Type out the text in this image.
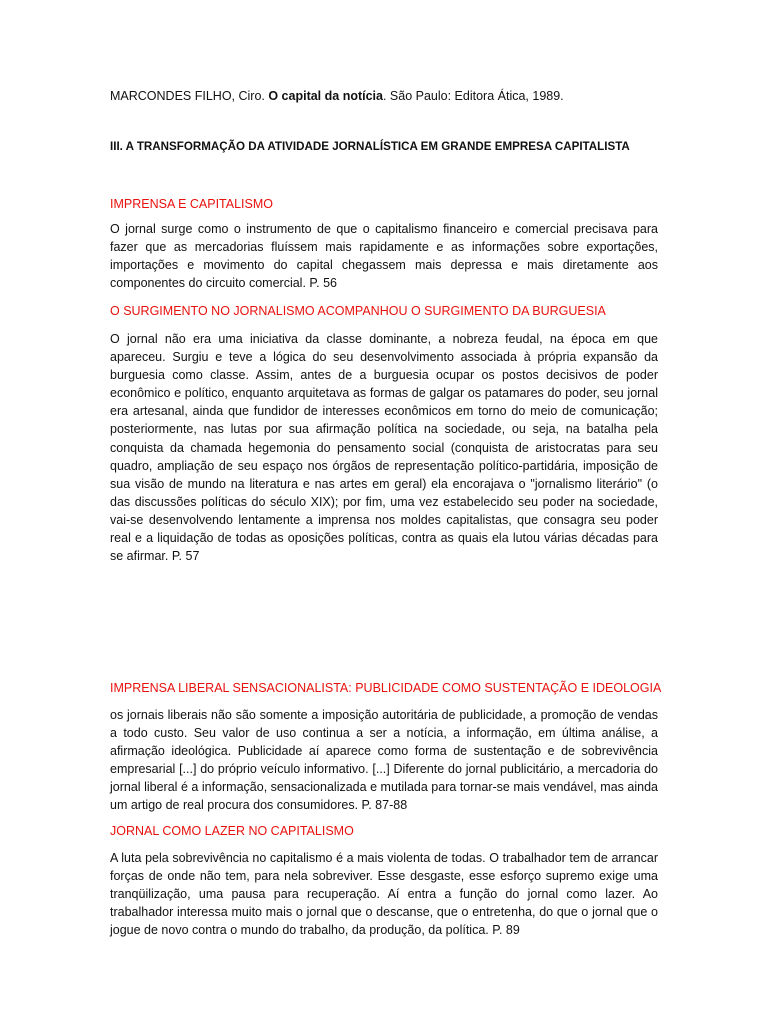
MARCONDES FILHO, Ciro. O capital da notícia. São Paulo: Editora Ática, 1989.
III. A TRANSFORMAÇÃO DA ATIVIDADE JORNALÍSTICA EM GRANDE EMPRESA CAPITALISTA
IMPRENSA E CAPITALISMO

O jornal surge como o instrumento de que o capitalismo financeiro e comercial precisava para fazer que as mercadorias fluíssem mais rapidamente e as informações sobre exportações, importações e movimento do capital chegassem mais depressa e mais diretamente aos componentes do circuito comercial. P. 56

O SURGIMENTO NO JORNALISMO ACOMPANHOU O SURGIMENTO DA BURGUESIA

O jornal não era uma iniciativa da classe dominante, a nobreza feudal, na época em que apareceu. Surgiu e teve a lógica do seu desenvolvimento associada à própria expansão da burguesia como classe. Assim, antes de a burguesia ocupar os postos decisivos de poder econômico e político, enquanto arquitetava as formas de galgar os patamares do poder, seu jornal era artesanal, ainda que fundidor de interesses econômicos em torno do meio de comunicação; posteriormente, nas lutas por sua afirmação política na sociedade, ou seja, na batalha pela conquista da chamada hegemonia do pensamento social (conquista de aristocratas para seu quadro, ampliação de seu espaço nos órgãos de representação político-partidária, imposição de sua visão de mundo na literatura e nas artes em geral) ela encorajava o "jornalismo literário" (o das discussões políticas do século XIX); por fim, uma vez estabelecido seu poder na sociedade, vai-se desenvolvendo lentamente a imprensa nos moldes capitalistas, que consagra seu poder real e a liquidação de todas as oposições políticas, contra as quais ela lutou várias décadas para se afirmar. P. 57

IMPRENSA LIBERAL SENSACIONALISTA: PUBLICIDADE COMO SUSTENTAÇÃO E IDEOLOGIA

os jornais liberais não são somente a imposição autoritária de publicidade, a promoção de vendas a todo custo. Seu valor de uso continua a ser a notícia, a informação, em última análise, a afirmação ideológica. Publicidade aí aparece como forma de sustentação e de sobrevivência empresarial [...] do próprio veículo informativo. [...] Diferente do jornal publicitário, a mercadoria do jornal liberal é a informação, sensacionalizada e mutilada para tornar-se mais vendável, mas ainda um artigo de real procura dos consumidores. P. 87-88

JORNAL COMO LAZER NO CAPITALISMO

A luta pela sobrevivência no capitalismo é a mais violenta de todas. O trabalhador tem de arrancar forças de onde não tem, para nela sobreviver. Esse desgaste, esse esforço supremo exige uma tranqüilização, uma pausa para recuperação. Aí entra a função do jornal como lazer. Ao trabalhador interessa muito mais o jornal que o descanse, que o entretenha, do que o jornal que o jogue de novo contra o mundo do trabalho, da produção, da política. P. 89
